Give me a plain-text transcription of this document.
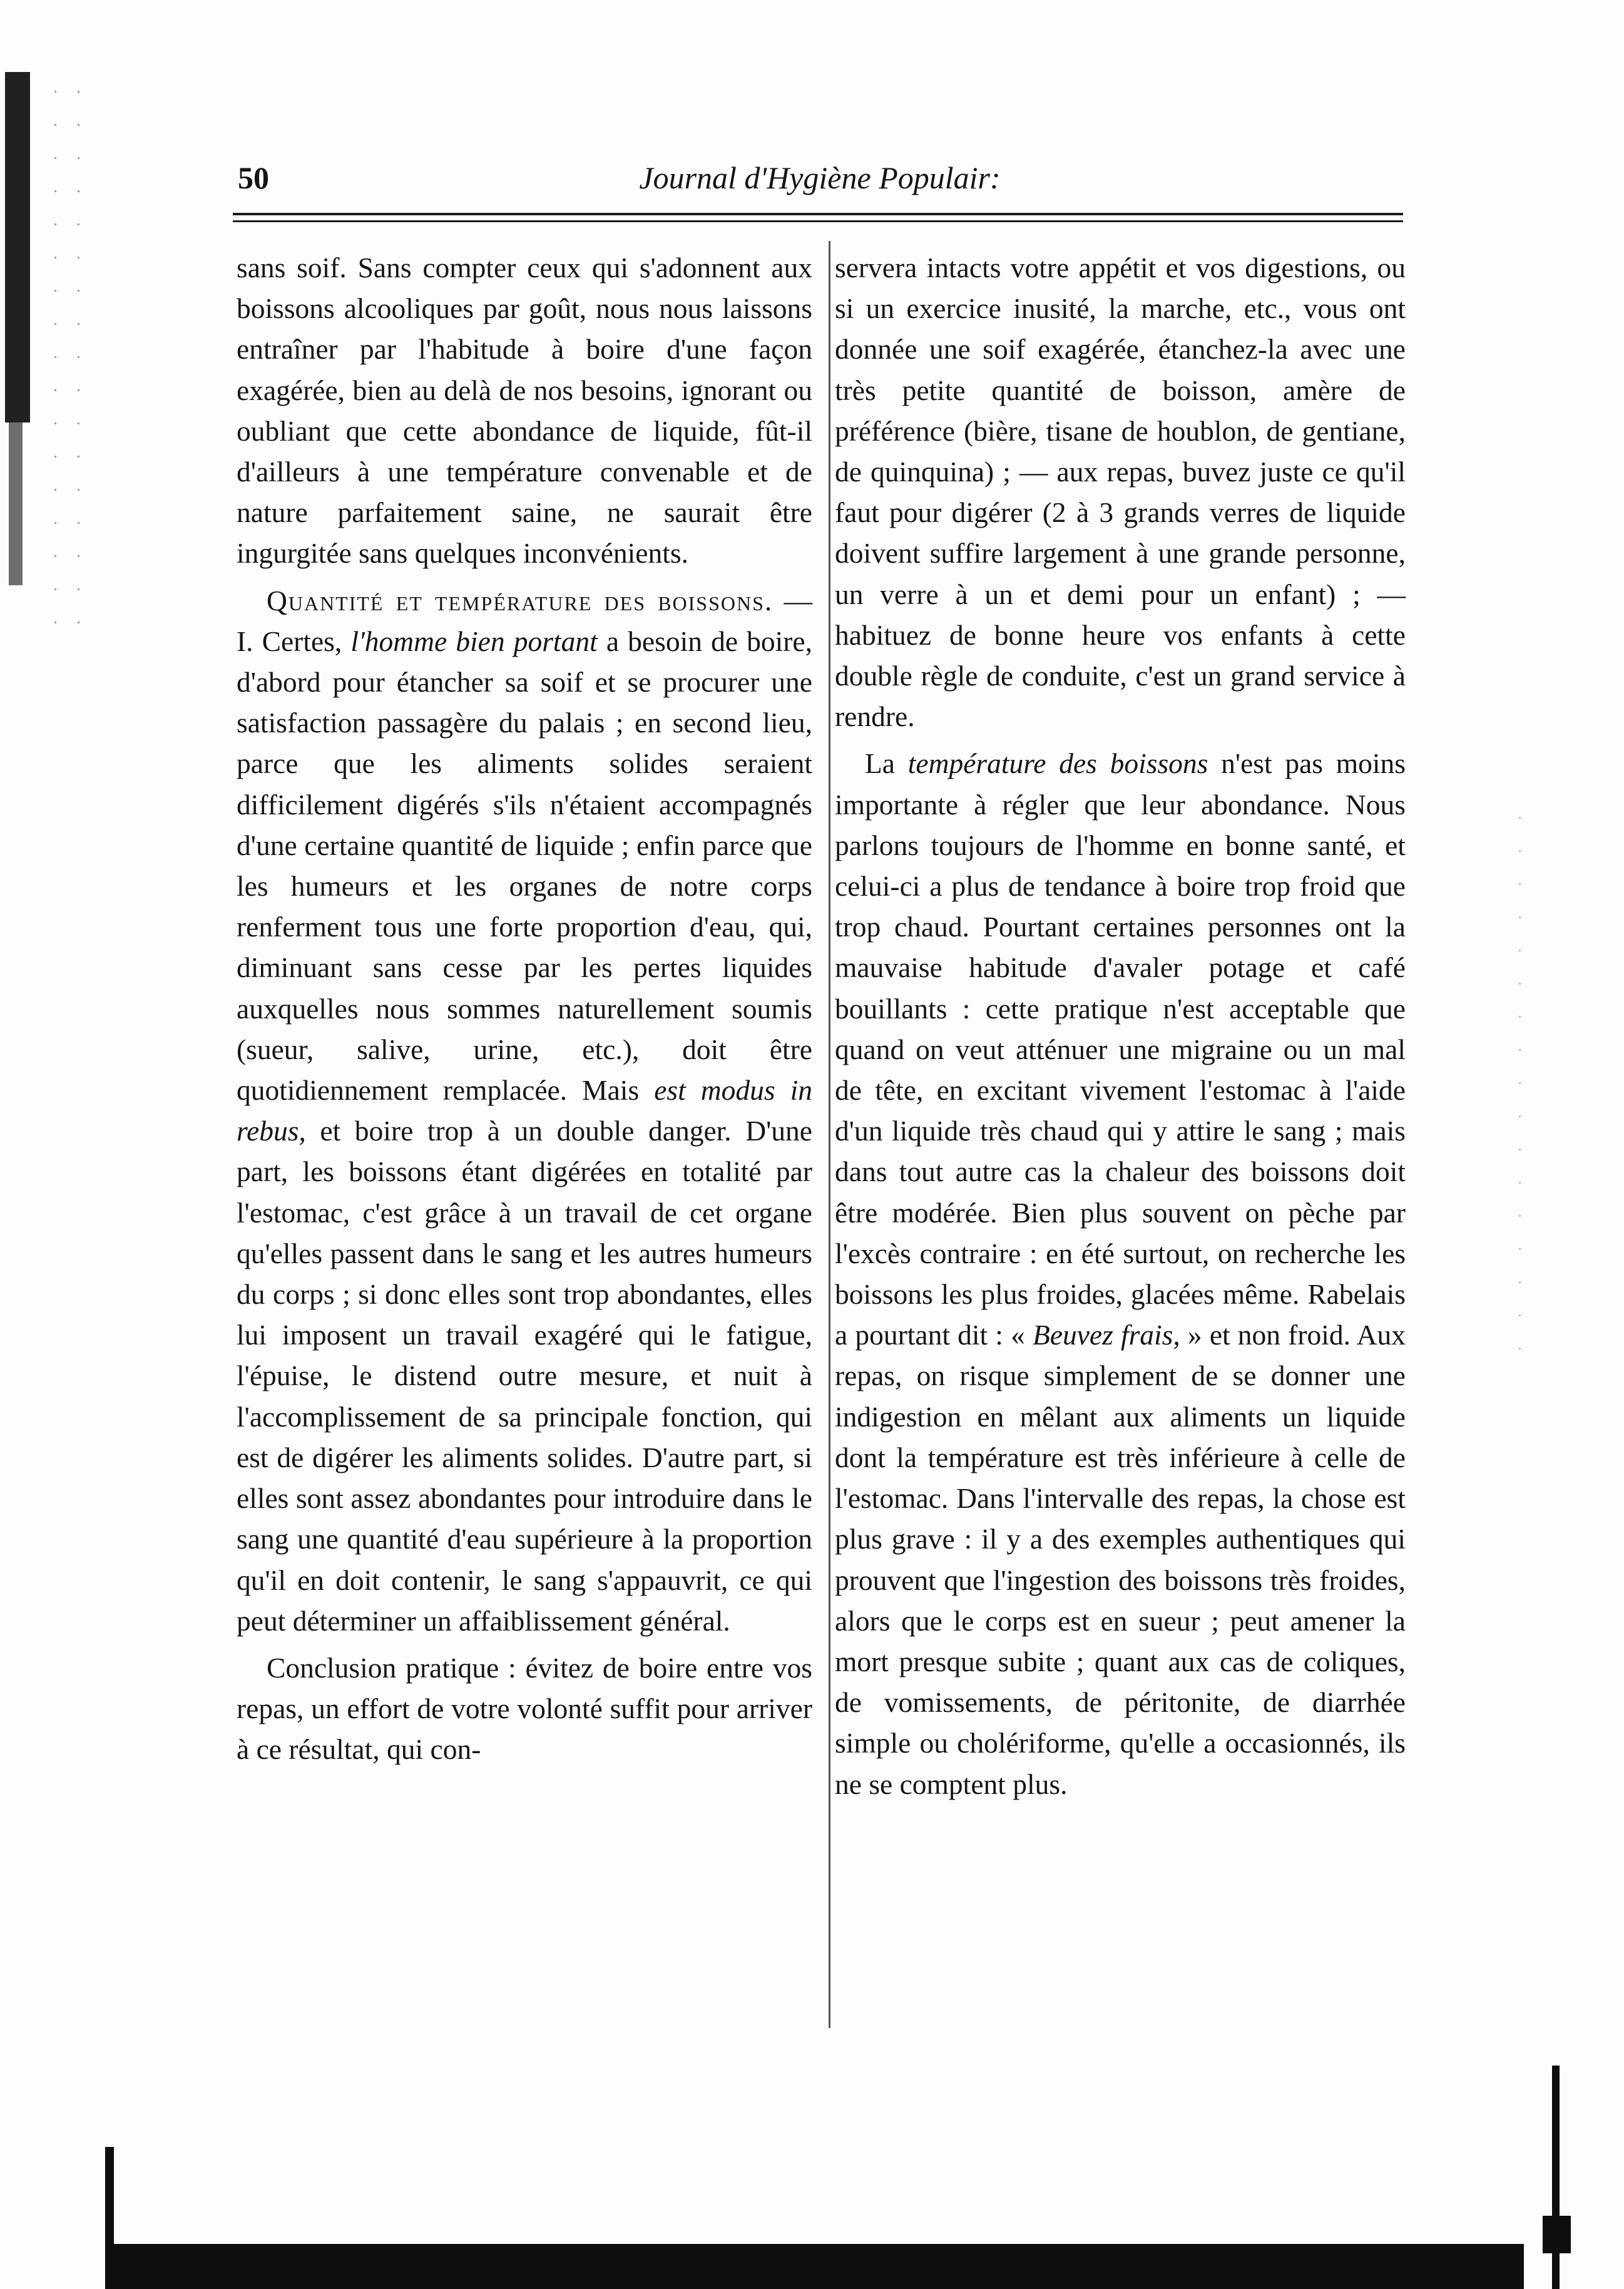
50	Journal d'Hygiène Populair:

sans soif. Sans compter ceux qui s'adonnent aux boissons alcooliques par goût, nous nous laissons entraîner par l'habitude à boire d'une façon exagérée, bien au delà de nos besoins, ignorant ou oubliant que cette abondance de liquide, fût-il d'ailleurs à une température convenable et de nature parfaitement saine, ne saurait être ingurgitée sans quelques inconvénients.

Quantité et température des boissons. — I. Certes, l'homme bien portant a besoin de boire, d'abord pour étancher sa soif et se procurer une satisfaction passagère du palais ; en second lieu, parce que les aliments solides seraient difficilement digérés s'ils n'étaient accompagnés d'une certaine quantité de liquide ; enfin parce que les humeurs et les organes de notre corps renferment tous une forte proportion d'eau, qui, diminuant sans cesse par les pertes liquides auxquelles nous sommes naturellement soumis (sueur, salive, urine, etc.), doit être quotidiennement remplacée. Mais est modus in rebus, et boire trop à un double danger. D'une part, les boissons étant digérées en totalité par l'estomac, c'est grâce à un travail de cet organe qu'elles passent dans le sang et les autres humeurs du corps ; si donc elles sont trop abondantes, elles lui imposent un travail exagéré qui le fatigue, l'épuise, le distend outre mesure, et nuit à l'accomplissement de sa principale fonction, qui est de digérer les aliments solides. D'autre part, si elles sont assez abondantes pour introduire dans le sang une quantité d'eau supérieure à la proportion qu'il en doit contenir, le sang s'appauvrit, ce qui peut déterminer un affaiblissement général.

Conclusion pratique : évitez de boire entre vos repas, un effort de votre volonté suffit pour arriver à ce résultat, qui con-

servera intacts votre appétit et vos digestions, ou si un exercice inusité, la marche, etc., vous ont donnée une soif exagérée, étanchez-la avec une très petite quantité de boisson, amère de préférence (bière, tisane de houblon, de gentiane, de quinquina) ; — aux repas, buvez juste ce qu'il faut pour digérer (2 à 3 grands verres de liquide doivent suffire largement à une grande personne, un verre à un et demi pour un enfant) ; — habituez de bonne heure vos enfants à cette double règle de conduite, c'est un grand service à rendre.

La température des boissons n'est pas moins importante à régler que leur abondance. Nous parlons toujours de l'homme en bonne santé, et celui-ci a plus de tendance à boire trop froid que trop chaud. Pourtant certaines personnes ont la mauvaise habitude d'avaler potage et café bouillants : cette pratique n'est acceptable que quand on veut atténuer une migraine ou un mal de tête, en excitant vivement l'estomac à l'aide d'un liquide très chaud qui y attire le sang ; mais dans tout autre cas la chaleur des boissons doit être modérée. Bien plus souvent on pèche par l'excès contraire : en été surtout, on recherche les boissons les plus froides, glacées même. Rabelais a pourtant dit : « Beuvez frais, » et non froid. Aux repas, on risque simplement de se donner une indigestion en mêlant aux aliments un liquide dont la température est très inférieure à celle de l'estomac. Dans l'intervalle des repas, la chose est plus grave : il y a des exemples authentiques qui prouvent que l'ingestion des boissons très froides, alors que le corps est en sueur ; peut amener la mort presque subite ; quant aux cas de coliques, de vomissements, de péritonite, de diarrhée simple ou cholériforme, qu'elle a occasionnés, ils ne se comptent plus.
